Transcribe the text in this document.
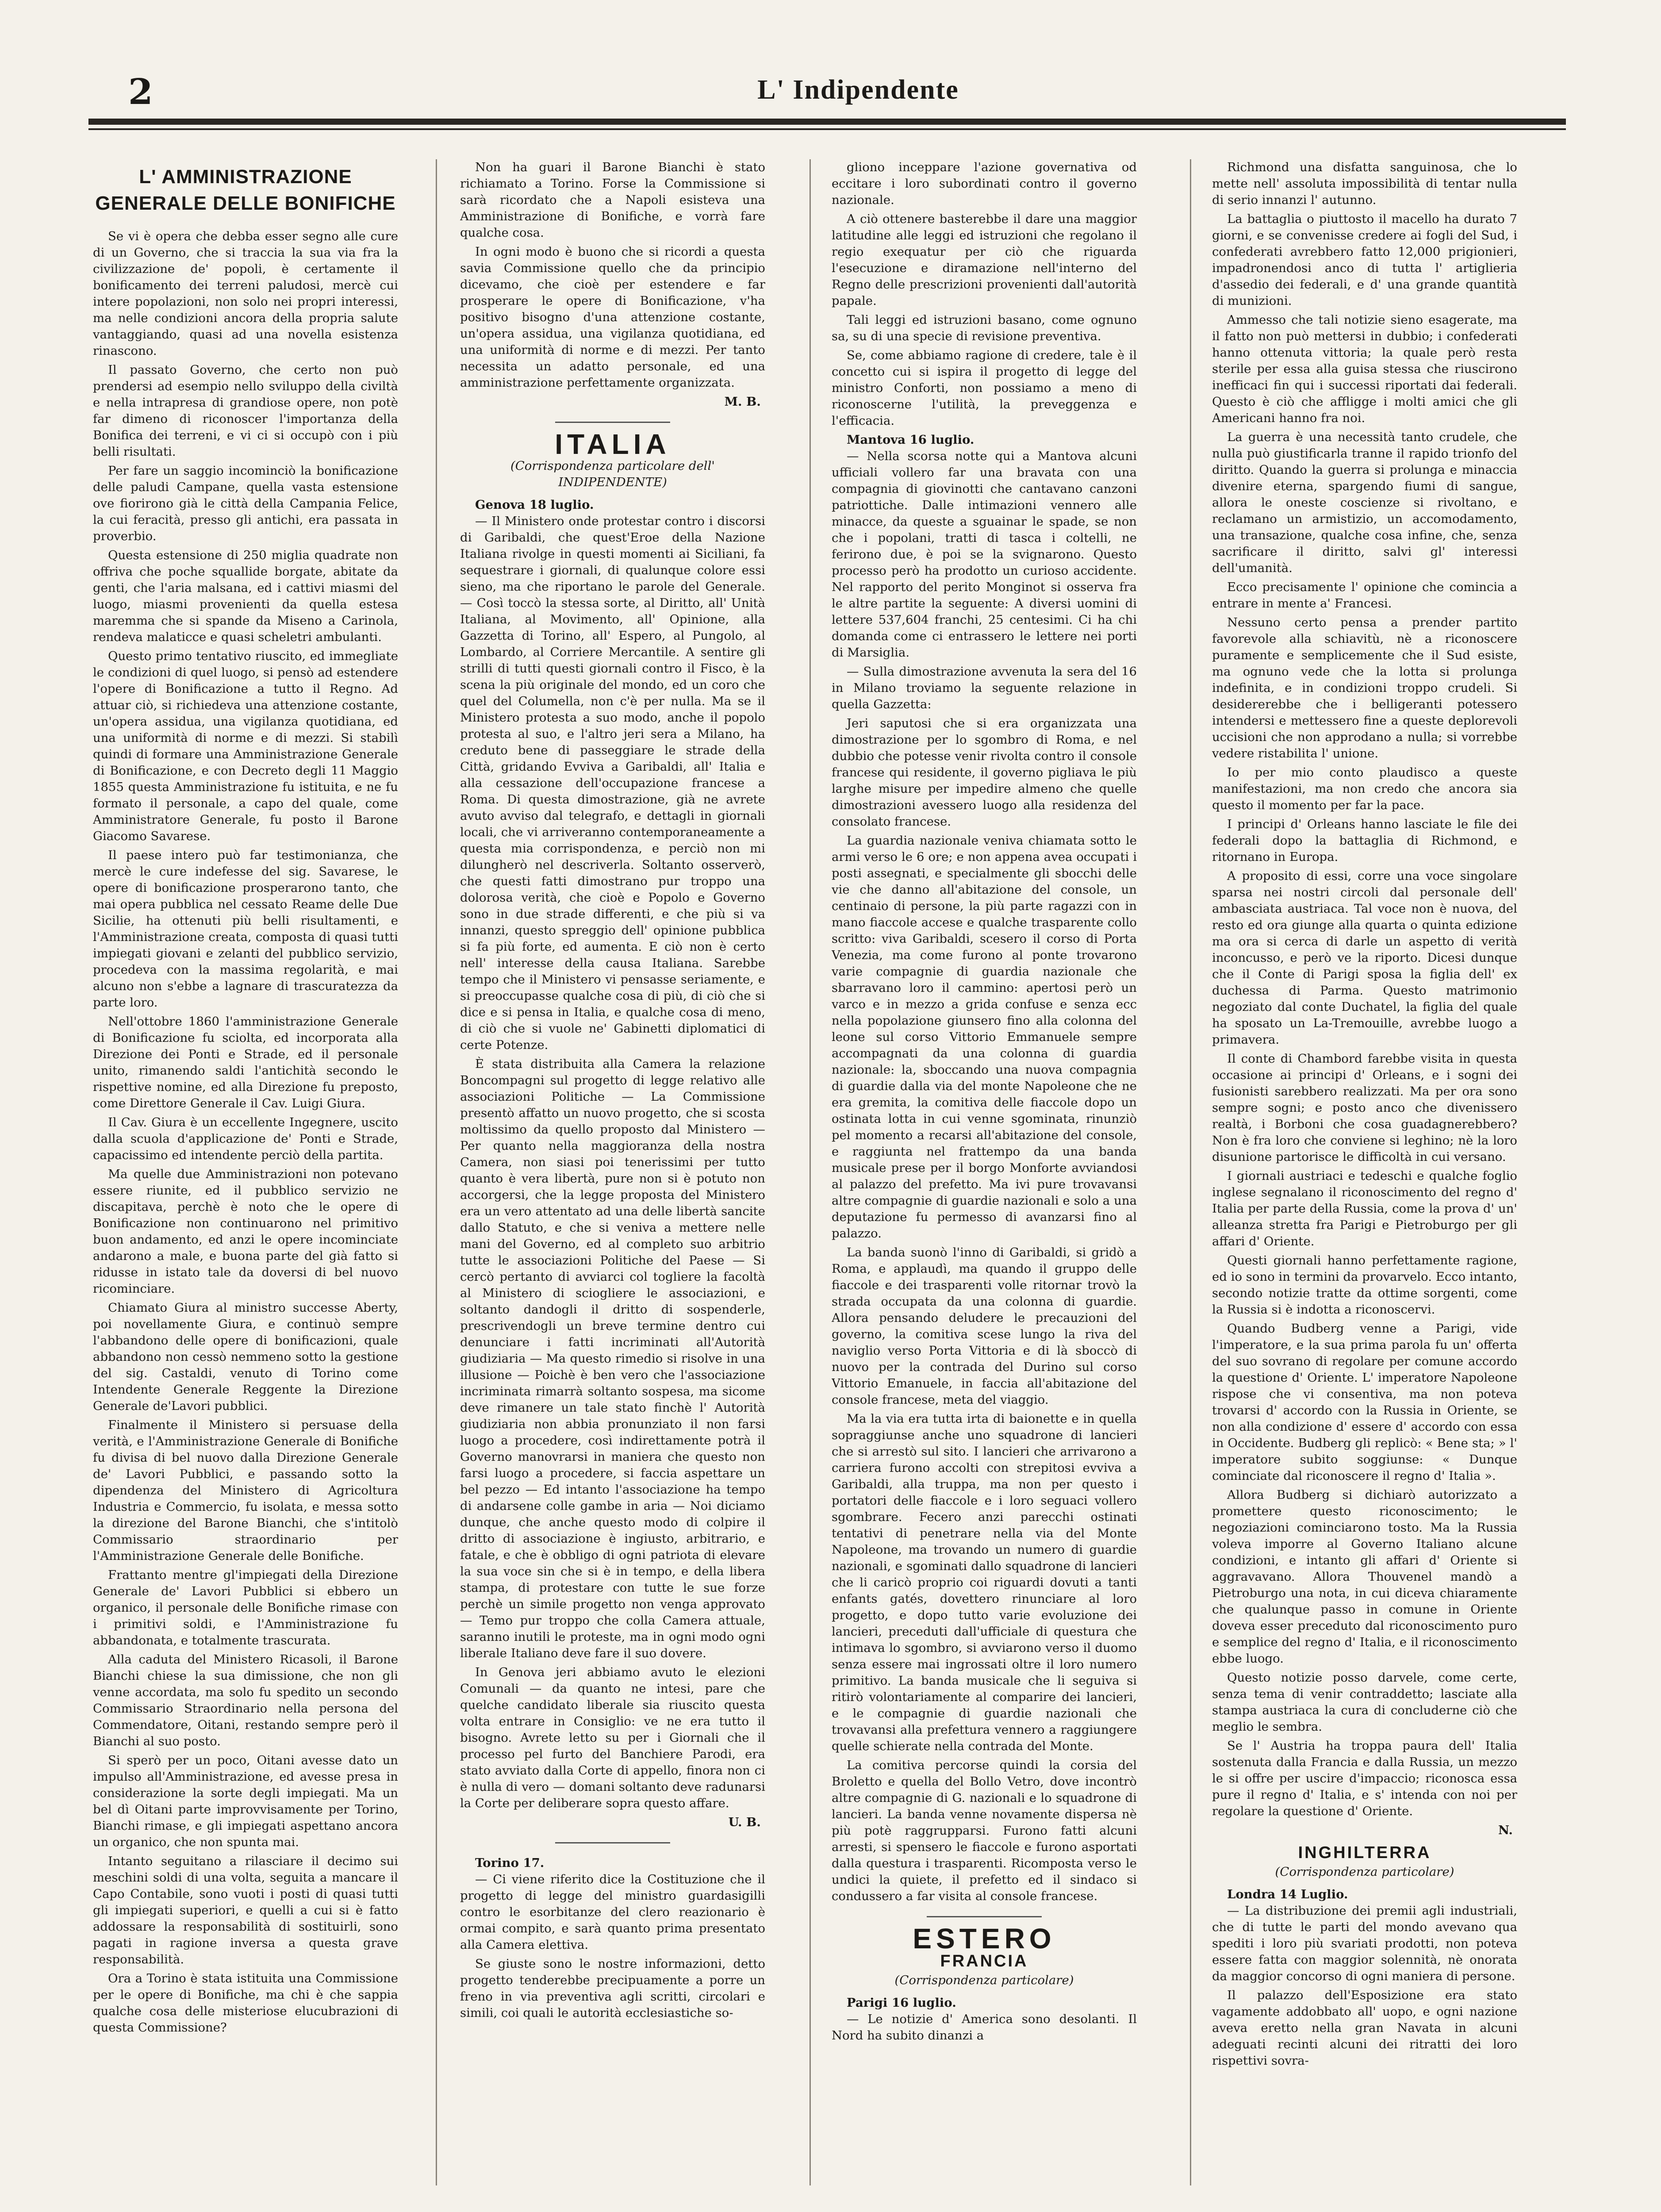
2	L' Indipendente
L' AMMINISTRAZIONE GENERALE DELLE BONIFICHE

Se vi è opera che debba esser segno alle cure di un Governo, che si traccia la sua via fra la civilizzazione de' popoli, è certamente il bonificamento dei terreni paludosi, mercè cui intere popolazioni, non solo nei propri interessi, ma nelle condizioni ancora della propria salute vantaggiando, quasi ad una novella esistenza rinascono.

Il passato Governo, che certo non può prendersi ad esempio nello sviluppo della civiltà e nella intrapresa di grandiose opere, non potè far dimeno di riconoscer l'importanza della Bonifica dei terreni, e vi ci si occupò con i più belli risultati.

Per fare un saggio incominciò la bonificazione delle paludi Campane, quella vasta estensione ove fiorirono già le città della Campania Felice, la cui feracità, presso gli antichi, era passata in proverbio.

Questa estensione di 250 miglia quadrate non offriva che poche squallide borgate, abitate da genti, che l'aria malsana, ed i cattivi miasmi del luogo, miasmi provenienti da quella estesa maremma che si spande da Miseno a Carinola, rendeva malaticce e quasi scheletri ambulanti.

Questo primo tentativo riuscito, ed immegliate le condizioni di quel luogo, si pensò ad estendere l'opere di Bonificazione a tutto il Regno. Ad attuar ciò, si richiedeva una attenzione costante, un'opera assidua, una vigilanza quotidiana, ed una uniformità di norme e di mezzi. Si stabilì quindi di formare una Amministrazione Generale di Bonificazione, e con Decreto degli 11 Maggio 1855 questa Amministrazione fu istituita, e ne fu formato il personale, a capo del quale, come Amministratore Generale, fu posto il Barone Giacomo Savarese.

Il paese intero può far testimonianza, che mercè le cure indefesse del sig. Savarese, le opere di bonificazione prosperarono tanto, che mai opera pubblica nel cessato Reame delle Due Sicilie, ha ottenuti più belli risultamenti, e l'Amministrazione creata, composta di quasi tutti impiegati giovani e zelanti del pubblico servizio, procedeva con la massima regolarità, e mai alcuno non s'ebbe a lagnare di trascuratezza da parte loro.

Nell'ottobre 1860 l'amministrazione Generale di Bonificazione fu sciolta, ed incorporata alla Direzione dei Ponti e Strade, ed il personale unito, rimanendo saldi l'antichità secondo le rispettive nomine, ed alla Direzione fu preposto, come Direttore Generale il Cav. Luigi Giura.

Il Cav. Giura è un eccellente Ingegnere, uscito dalla scuola d'applicazione de' Ponti e Strade, capacissimo ed intendente perciò della partita.

Ma quelle due Amministrazioni non potevano essere riunite, ed il pubblico servizio ne discapitava, perchè è noto che le opere di Bonificazione non continuarono nel primitivo buon andamento, ed anzi le opere incominciate andarono a male, e buona parte del già fatto si ridusse in istato tale da doversi di bel nuovo ricominciare.

Chiamato Giura al ministro successe Aberty, poi novellamente Giura, e continuò sempre l'abbandono delle opere di bonificazioni, quale abbandono non cessò nemmeno sotto la gestione del sig. Castaldi, venuto di Torino come Intendente Generale Reggente la Direzione Generale de'Lavori pubblici.

Finalmente il Ministero si persuase della verità, e l'Amministrazione Generale di Bonifiche fu divisa di bel nuovo dalla Direzione Generale de' Lavori Pubblici, e passando sotto la dipendenza del Ministero di Agricoltura Industria e Commercio, fu isolata, e messa sotto la direzione del Barone Bianchi, che s'intitolò Commissario straordinario per l'Amministrazione Generale delle Bonifiche.

Frattanto mentre gl'impiegati della Direzione Generale de' Lavori Pubblici si ebbero un organico, il personale delle Bonifiche rimase con i primitivi soldi, e l'Amministrazione fu abbandonata, e totalmente trascurata.

Alla caduta del Ministero Ricasoli, il Barone Bianchi chiese la sua dimissione, che non gli venne accordata, ma solo fu spedito un secondo Commissario Straordinario nella persona del Commendatore, Oitani, restando sempre però il Bianchi al suo posto.

Si sperò per un poco, Oitani avesse dato un impulso all'Amministrazione, ed avesse presa in considerazione la sorte degli impiegati. Ma un bel dì Oitani parte improvvisamente per Torino, Bianchi rimase, e gli impiegati aspettano ancora un organico, che non spunta mai.

Intanto seguitano a rilasciare il decimo sui meschini soldi di una volta, seguita a mancare il Capo Contabile, sono vuoti i posti di quasi tutti gli impiegati superiori, e quelli a cui si è fatto addossare la responsabilità di sostituirli, sono pagati in ragione inversa a questa grave responsabilità.

Ora a Torino è stata istituita una Commissione per le opere di Bonifiche, ma chi è che sappia qualche cosa delle misteriose elucubrazioni di questa Commissione?

Non ha guari il Barone Bianchi è stato richiamato a Torino. Forse la Commissione si sarà ricordato che a Napoli esisteva una Amministrazione di Bonifiche, e vorrà fare qualche cosa.

In ogni modo è buono che si ricordi a questa savia Commissione quello che da principio dicevamo, che cioè per estendere e far prosperare le opere di Bonificazione, v'ha positivo bisogno d'una attenzione costante, un'opera assidua, una vigilanza quotidiana, ed una uniformità di norme e di mezzi. Per tanto necessita un adatto personale, ed una amministrazione perfettamente organizzata.

M. B.
ITALIA
(Corrispondenza particolare dell' INDIPENDENTE)

Genova 18 luglio.

— Il Ministero onde protestar contro i discorsi di Garibaldi, che quest'Eroe della Nazione Italiana rivolge in questi momenti ai Siciliani, fa sequestrare i giornali, di qualunque colore essi sieno, ma che riportano le parole del Generale. — Così toccò la stessa sorte, al Diritto, all' Unità Italiana, al Movimento, all' Opinione, alla Gazzetta di Torino, all' Espero, al Pungolo, al Lombardo, al Corriere Mercantile. A sentire gli strilli di tutti questi giornali contro il Fisco, è la scena la più originale del mondo, ed un coro che quel del Columella, non c'è per nulla. Ma se il Ministero protesta a suo modo, anche il popolo protesta al suo, e l'altro jeri sera a Milano, ha creduto bene di passeggiare le strade della Città, gridando Evviva a Garibaldi, all' Italia e alla cessazione dell'occupazione francese a Roma. Di questa dimostrazione, già ne avrete avuto avviso dal telegrafo, e dettagli in giornali locali, che vi arriveranno contemporaneamente a questa mia corrispondenza, e perciò non mi dilungherò nel descriverla. Soltanto osserverò, che questi fatti dimostrano pur troppo una dolorosa verità, che cioè e Popolo e Governo sono in due strade differenti, e che più si va innanzi, questo spreggio dell' opinione pubblica si fa più forte, ed aumenta. E ciò non è certo nell' interesse della causa Italiana. Sarebbe tempo che il Ministero vi pensasse seriamente, e si preoccupasse qualche cosa di più, di ciò che si dice e si pensa in Italia, e qualche cosa di meno, di ciò che si vuole ne' Gabinetti diplomatici di certe Potenze.

È stata distribuita alla Camera la relazione Boncompagni sul progetto di legge relativo alle associazioni Politiche — La Commissione presentò affatto un nuovo progetto, che si scosta moltissimo da quello proposto dal Ministero — Per quanto nella maggioranza della nostra Camera, non siasi poi tenerissimi per tutto quanto è vera libertà, pure non si è potuto non accorgersi, che la legge proposta del Ministero era un vero attentato ad una delle libertà sancite dallo Statuto, e che si veniva a mettere nelle mani del Governo, ed al completo suo arbitrio tutte le associazioni Politiche del Paese — Si cercò pertanto di avviarci col togliere la facoltà al Ministero di sciogliere le associazioni, e soltanto dandogli il dritto di sospenderle, prescrivendogli un breve termine dentro cui denunciare i fatti incriminati all'Autorità giudiziaria — Ma questo rimedio si risolve in una illusione — Poichè è ben vero che l'associazione incriminata rimarrà soltanto sospesa, ma sicome deve rimanere un tale stato finchè l' Autorità giudiziaria non abbia pronunziato il non farsi luogo a procedere, così indirettamente potrà il Governo manovrarsi in maniera che questo non farsi luogo a procedere, si faccia aspettare un bel pezzo — Ed intanto l'associazione ha tempo di andarsene colle gambe in aria — Noi diciamo dunque, che anche questo modo di colpire il dritto di associazione è ingiusto, arbitrario, e fatale, e che è obbligo di ogni patriota di elevare la sua voce sin che si è in tempo, e della libera stampa, di protestare con tutte le sue forze perchè un simile progetto non venga approvato — Temo pur troppo che colla Camera attuale, saranno inutili le proteste, ma in ogni modo ogni liberale Italiano deve fare il suo dovere.

In Genova jeri abbiamo avuto le elezioni Comunali — da quanto ne intesi, pare che quelche candidato liberale sia riuscito questa volta entrare in Consiglio: ve ne era tutto il bisogno. Avrete letto su per i Giornali che il processo pel furto del Banchiere Parodi, era stato avviato dalla Corte di appello, finora non ci è nulla di vero — domani soltanto deve radunarsi la Corte per deliberare sopra questo affare.

U. B.

Torino 17.

— Ci viene riferito dice la Costituzione che il progetto di legge del ministro guardasigilli contro le esorbitanze del clero reazionario è ormai compito, e sarà quanto prima presentato alla Camera elettiva.

Se giuste sono le nostre informazioni, detto progetto tenderebbe precipuamente a porre un freno in via preventiva agli scritti, circolari e simili, coi quali le autorità ecclesiastiche so-

gliono inceppare l'azione governativa od eccitare i loro subordinati contro il governo nazionale.

A ciò ottenere basterebbe il dare una maggior latitudine alle leggi ed istruzioni che regolano il regio exequatur per ciò che riguarda l'esecuzione e diramazione nell'interno del Regno delle prescrizioni provenienti dall'autorità papale.

Tali leggi ed istruzioni basano, come ognuno sa, su di una specie di revisione preventiva.

Se, come abbiamo ragione di credere, tale è il concetto cui si ispira il progetto di legge del ministro Conforti, non possiamo a meno di riconoscerne l'utilità, la preveggenza e l'efficacia.

Mantova 16 luglio.

— Nella scorsa notte qui a Mantova alcuni ufficiali vollero far una bravata con una compagnia di giovinotti che cantavano canzoni patriottiche. Dalle intimazioni vennero alle minacce, da queste a sguainar le spade, se non che i popolani, tratti di tasca i coltelli, ne ferirono due, è poi se la svignarono. Questo processo però ha prodotto un curioso accidente. Nel rapporto del perito Monginot si osserva fra le altre partite la seguente: A diversi uomini di lettere 537,604 franchi, 25 centesimi. Ci ha chi domanda come ci entrassero le lettere nei porti di Marsiglia.

— Sulla dimostrazione avvenuta la sera del 16 in Milano troviamo la seguente relazione in quella Gazzetta:

Jeri saputosi che si era organizzata una dimostrazione per lo sgombro di Roma, e nel dubbio che potesse venir rivolta contro il console francese qui residente, il governo pigliava le più larghe misure per impedire almeno che quelle dimostrazioni avessero luogo alla residenza del consolato francese.

La guardia nazionale veniva chiamata sotto le armi verso le 6 ore; e non appena avea occupati i posti assegnati, e specialmente gli sbocchi delle vie che danno all'abitazione del console, un centinaio di persone, la più parte ragazzi con in mano fiaccole accese e qualche trasparente collo scritto: viva Garibaldi, scesero il corso di Porta Venezia, ma come furono al ponte trovarono varie compagnie di guardia nazionale che sbarravano loro il cammino: apertosi però un varco e in mezzo a grida confuse e senza ecc nella popolazione giunsero fino alla colonna del leone sul corso Vittorio Emmanuele sempre accompagnati da una colonna di guardia nazionale: la, sboccando una nuova compagnia di guardie dalla via del monte Napoleone che ne era gremita, la comitiva delle fiaccole dopo un ostinata lotta in cui venne sgominata, rinunziò pel momento a recarsi all'abitazione del console, e raggiunta nel frattempo da una banda musicale prese per il borgo Monforte avviandosi al palazzo del prefetto. Ma ivi pure trovavansi altre compagnie di guardie nazionali e solo a una deputazione fu permesso di avanzarsi fino al palazzo.

La banda suonò l'inno di Garibaldi, si gridò a Roma, e applaudì, ma quando il gruppo delle fiaccole e dei trasparenti volle ritornar trovò la strada occupata da una colonna di guardie. Allora pensando deludere le precauzioni del governo, la comitiva scese lungo la riva del naviglio verso Porta Vittoria e di là sboccò di nuovo per la contrada del Durino sul corso Vittorio Emanuele, in faccia all'abitazione del console francese, meta del viaggio.

Ma la via era tutta irta di baionette e in quella sopraggiunse anche uno squadrone di lancieri che si arrestò sul sito. I lancieri che arrivarono a carriera furono accolti con strepitosi evviva a Garibaldi, alla truppa, ma non per questo i portatori delle fiaccole e i loro seguaci vollero sgombrare. Fecero anzi parecchi ostinati tentativi di penetrare nella via del Monte Napoleone, ma trovando un numero di guardie nazionali, e sgominati dallo squadrone di lancieri che li caricò proprio coi riguardi dovuti a tanti enfants gatés, dovettero rinunciare al loro progetto, e dopo tutto varie evoluzione dei lancieri, preceduti dall'ufficiale di questura che intimava lo sgombro, si avviarono verso il duomo senza essere mai ingrossati oltre il loro numero primitivo. La banda musicale che li seguiva si ritirò volontariamente al comparire dei lancieri, e le compagnie di guardie nazionali che trovavansi alla prefettura vennero a raggiungere quelle schierate nella contrada del Monte.

La comitiva percorse quindi la corsia del Broletto e quella del Bollo Vetro, dove incontrò altre compagnie di G. nazionali e lo squadrone di lancieri. La banda venne novamente dispersa nè più potè raggrupparsi. Furono fatti alcuni arresti, si spensero le fiaccole e furono asportati dalla questura i trasparenti. Ricomposta verso le undici la quiete, il prefetto ed il sindaco si condussero a far visita al console francese.

ESTERO
FRANCIA
(Corrispondenza particolare)

Parigi 16 luglio.

— Le notizie d' America sono desolanti. Il Nord ha subito dinanzi a

Richmond una disfatta sanguinosa, che lo mette nell' assoluta impossibilità di tentar nulla di serio innanzi l' autunno.

La battaglia o piuttosto il macello ha durato 7 giorni, e se convenisse credere ai fogli del Sud, i confederati avrebbero fatto 12,000 prigionieri, impadronendosi anco di tutta l' artiglieria d'assedio dei federali, e d' una grande quantità di munizioni.

Ammesso che tali notizie sieno esagerate, ma il fatto non può mettersi in dubbio; i confederati hanno ottenuta vittoria; la quale però resta sterile per essa alla guisa stessa che riuscirono inefficaci fin qui i successi riportati dai federali. Questo è ciò che affligge i molti amici che gli Americani hanno fra noi.

La guerra è una necessità tanto crudele, che nulla può giustificarla tranne il rapido trionfo del diritto. Quando la guerra si prolunga e minaccia divenire eterna, spargendo fiumi di sangue, allora le oneste coscienze si rivoltano, e reclamano un armistizio, un accomodamento, una transazione, qualche cosa infine, che, senza sacrificare il diritto, salvi gl' interessi dell'umanità.

Ecco precisamente l' opinione che comincia a entrare in mente a' Francesi.

Nessuno certo pensa a prender partito favorevole alla schiavitù, nè a riconoscere puramente e semplicemente che il Sud esiste, ma ognuno vede che la lotta si prolunga indefinita, e in condizioni troppo crudeli. Si desidererebbe che i belligeranti potessero intendersi e mettessero fine a queste deplorevoli uccisioni che non approdano a nulla; si vorrebbe vedere ristabilita l' unione.

Io per mio conto plaudisco a queste manifestazioni, ma non credo che ancora sia questo il momento per far la pace.

I principi d' Orleans hanno lasciate le file dei federali dopo la battaglia di Richmond, e ritornano in Europa.

A proposito di essi, corre una voce singolare sparsa nei nostri circoli dal personale dell' ambasciata austriaca. Tal voce non è nuova, del resto ed ora giunge alla quarta o quinta edizione ma ora si cerca di darle un aspetto di verità inconcusso, e però ve la riporto. Dicesi dunque che il Conte di Parigi sposa la figlia dell' ex duchessa di Parma. Questo matrimonio negoziato dal conte Duchatel, la figlia del quale ha sposato un La-Tremouille, avrebbe luogo a primavera.

Il conte di Chambord farebbe visita in questa occasione ai principi d' Orleans, e i sogni dei fusionisti sarebbero realizzati. Ma per ora sono sempre sogni; e posto anco che divenissero realtà, i Borboni che cosa guadagnerebbero? Non è fra loro che conviene si leghino; nè la loro disunione partorisce le difficoltà in cui versano.

I giornali austriaci e tedeschi e qualche foglio inglese segnalano il riconoscimento del regno d' Italia per parte della Russia, come la prova d' un' alleanza stretta fra Parigi e Pietroburgo per gli affari d' Oriente.

Questi giornali hanno perfettamente ragione, ed io sono in termini da provarvelo. Ecco intanto, secondo notizie tratte da ottime sorgenti, come la Russia si è indotta a riconoscervi.

Quando Budberg venne a Parigi, vide l'imperatore, e la sua prima parola fu un' offerta del suo sovrano di regolare per comune accordo la questione d' Oriente. L' imperatore Napoleone rispose che vi consentiva, ma non poteva trovarsi d' accordo con la Russia in Oriente, se non alla condizione d' essere d' accordo con essa in Occidente. Budberg gli replicò: « Bene sta; » l' imperatore subito soggiunse: « Dunque cominciate dal riconoscere il regno d' Italia ».

Allora Budberg si dichiarò autorizzato a promettere questo riconoscimento; le negoziazioni cominciarono tosto. Ma la Russia voleva imporre al Governo Italiano alcune condizioni, e intanto gli affari d' Oriente si aggravavano. Allora Thouvenel mandò a Pietroburgo una nota, in cui diceva chiaramente che qualunque passo in comune in Oriente doveva esser preceduto dal riconoscimento puro e semplice del regno d' Italia, e il riconoscimento ebbe luogo.

Questo notizie posso darvele, come certe, senza tema di venir contraddetto; lasciate alla stampa austriaca la cura di concluderne ciò che meglio le sembra.

Se l' Austria ha troppa paura dell' Italia sostenuta dalla Francia e dalla Russia, un mezzo le si offre per uscire d'impaccio; riconosca essa pure il regno d' Italia, e s' intenda con noi per regolare la questione d' Oriente.

N.
INGHILTERRA
(Corrispondenza particolare)

Londra 14 Luglio.

— La distribuzione dei premii agli industriali, che di tutte le parti del mondo avevano qua spediti i loro più svariati prodotti, non poteva essere fatta con maggior solennità, nè onorata da maggior concorso di ogni maniera di persone.

Il palazzo dell'Esposizione era stato vagamente addobbato all' uopo, e ogni nazione aveva eretto nella gran Navata in alcuni adeguati recinti alcuni dei ritratti dei loro rispettivi sovra-
